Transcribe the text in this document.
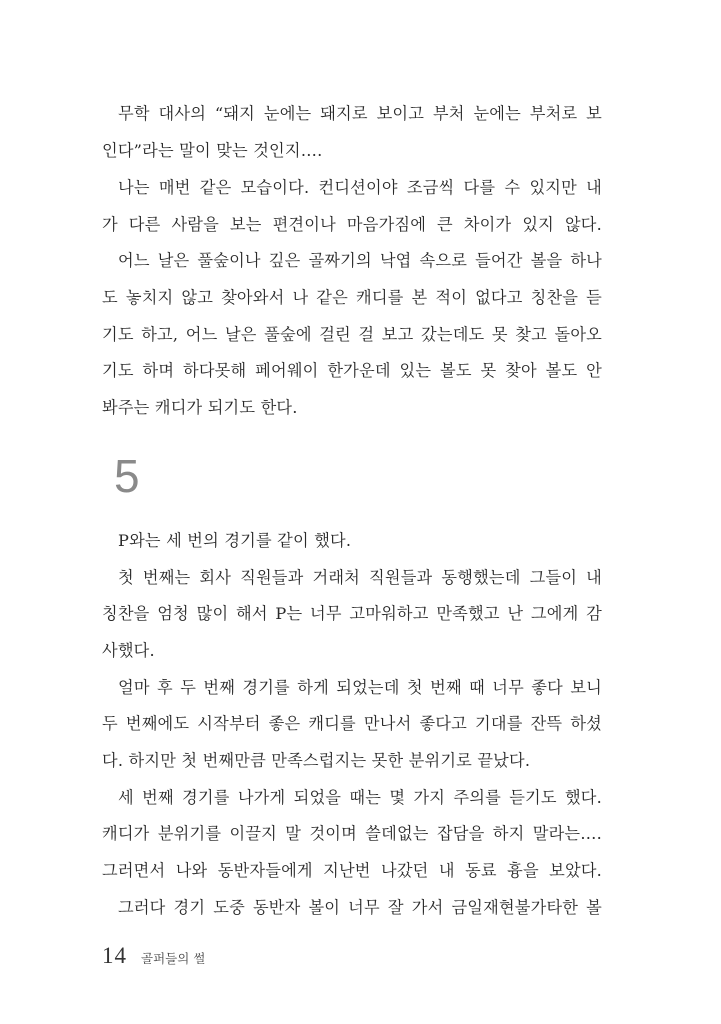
무학 대사의 “돼지 눈에는 돼지로 보이고 부처 눈에는 부처로 보
인다”라는 말이 맞는 것인지….
나는 매번 같은 모습이다. 컨디션이야 조금씩 다를 수 있지만 내
가 다른 사람을 보는 편견이나 마음가짐에 큰 차이가 있지 않다.
어느 날은 풀숲이나 깊은 골짜기의 낙엽 속으로 들어간 볼을 하나
도 놓치지 않고 찾아와서 나 같은 캐디를 본 적이 없다고 칭찬을 듣
기도 하고, 어느 날은 풀숲에 걸린 걸 보고 갔는데도 못 찾고 돌아오
기도 하며 하다못해 페어웨이 한가운데 있는 볼도 못 찾아 볼도 안
봐주는 캐디가 되기도 한다.
5
P와는 세 번의 경기를 같이 했다.
첫 번째는 회사 직원들과 거래처 직원들과 동행했는데 그들이 내
칭찬을 엄청 많이 해서 P는 너무 고마워하고 만족했고 난 그에게 감
사했다.
얼마 후 두 번째 경기를 하게 되었는데 첫 번째 때 너무 좋다 보니
두 번째에도 시작부터 좋은 캐디를 만나서 좋다고 기대를 잔뜩 하셨
다. 하지만 첫 번째만큼 만족스럽지는 못한 분위기로 끝났다.
세 번째 경기를 나가게 되었을 때는 몇 가지 주의를 듣기도 했다.
캐디가 분위기를 이끌지 말 것이며 쓸데없는 잡담을 하지 말라는….
그러면서 나와 동반자들에게 지난번 나갔던 내 동료 흉을 보았다.
그러다 경기 도중 동반자 볼이 너무 잘 가서 금일재현불가타한 볼
14 골퍼들의 썰
